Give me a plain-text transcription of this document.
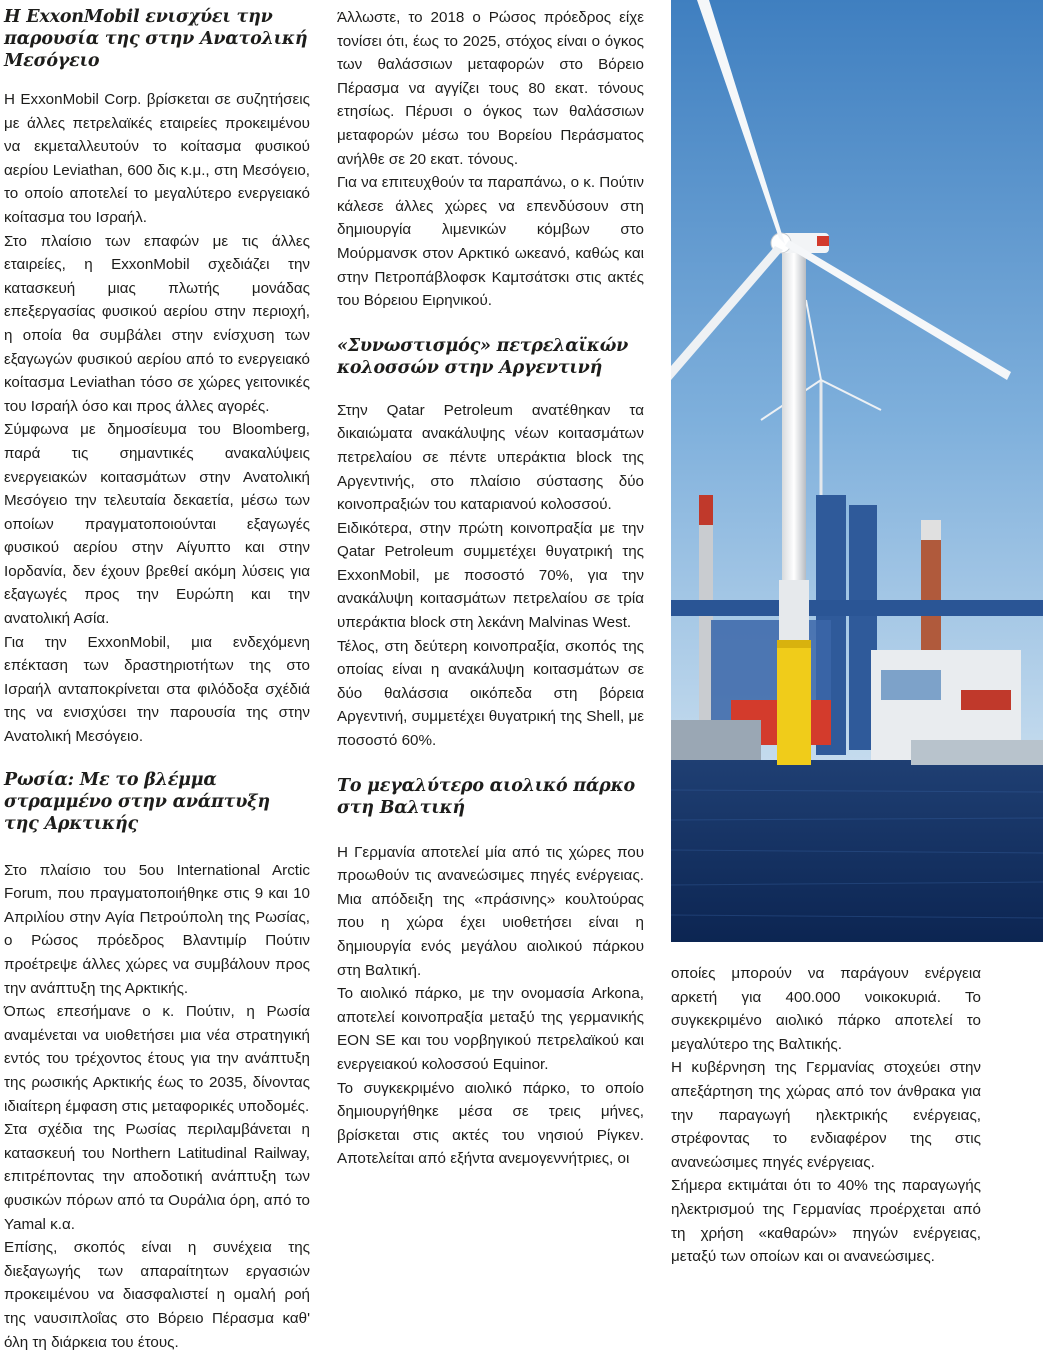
Η ExxonMobil ενισχύει την παρουσία της στην Ανατολική Μεσόγειο

Η ExxonMobil Corp. βρίσκεται σε συζητήσεις με άλλες πετρελαϊκές εταιρείες προκειμένου να εκμεταλλευτούν το κοίτασμα φυσικού αερίου Leviathan, 600 δις κ.μ., στη Μεσόγειο, το οποίο αποτελεί το μεγαλύτερο ενεργειακό κοίτασμα του Ισραήλ.

Στο πλαίσιο των επαφών με τις άλλες εταιρείες, η ExxonMobil σχεδιάζει την κατασκευή μιας πλωτής μονάδας επεξεργασίας φυσικού αερίου στην περιοχή, η οποία θα συμβάλει στην ενίσχυση των εξαγωγών φυσικού αερίου από το ενεργειακό κοίτασμα Leviathan τόσο σε χώρες γειτονικές του Ισραήλ όσο και προς άλλες αγορές.

Σύμφωνα με δημοσίευμα του Bloomberg, παρά τις σημαντικές ανακαλύψεις ενεργειακών κοιτασμάτων στην Ανατολική Μεσόγειο την τελευταία δεκαετία, μέσω των οποίων πραγματοποιούνται εξαγωγές φυσικού αερίου στην Αίγυπτο και στην Ιορδανία, δεν έχουν βρεθεί ακόμη λύσεις για εξαγωγές προς την Ευρώπη και την ανατολική Ασία.

Για την ExxonMobil, μια ενδεχόμενη επέκταση των δραστηριοτήτων της στο Ισραήλ ανταποκρίνεται στα φιλόδοξα σχέδιά της να ενισχύσει την παρουσία της στην Ανατολική Μεσόγειο.

Ρωσία: Με το βλέμμα στραμμένο στην ανάπτυξη της Αρκτικής

Στο πλαίσιο του 5ου International Arctic Forum, που πραγματοποιήθηκε στις 9 και 10 Απριλίου στην Αγία Πετρούπολη της Ρωσίας, ο Ρώσος πρόεδρος Βλαντιμίρ Πούτιν προέτρεψε άλλες χώρες να συμβάλουν προς την ανάπτυξη της Αρκτικής.

Όπως επεσήμανε ο κ. Πούτιν, η Ρωσία αναμένεται να υιοθετήσει μια νέα στρατηγική εντός του τρέχοντος έτους για την ανάπτυξη της ρωσικής Αρκτικής έως το 2035, δίνοντας ιδιαίτερη έμφαση στις μεταφορικές υποδομές.

Στα σχέδια της Ρωσίας περιλαμβάνεται η κατασκευή του Northern Latitudinal Railway, επιτρέποντας την αποδοτική ανάπτυξη των φυσικών πόρων από τα Ουράλια όρη, από το Yamal κ.α.

Επίσης, σκοπός είναι η συνέχεια της διεξαγωγής των απαραίτητων εργασιών προκειμένου να διασφαλιστεί η ομαλή ροή της ναυσιπλοΐας στο Βόρειο Πέρασμα καθ' όλη τη διάρκεια του έτους.

Άλλωστε, το 2018 ο Ρώσος πρόεδρος είχε τονίσει ότι, έως το 2025, στόχος είναι ο όγκος των θαλάσσιων μεταφορών στο Βόρειο Πέρασμα να αγγίζει τους 80 εκατ. τόνους ετησίως. Πέρυσι ο όγκος των θαλάσσιων μεταφορών μέσω του Βορείου Περάσματος ανήλθε σε 20 εκατ. τόνους.

Για να επιτευχθούν τα παραπάνω, ο κ. Πούτιν κάλεσε άλλες χώρες να επενδύσουν στη δημιουργία λιμενικών κόμβων στο Μούρμανσκ στον Αρκτικό ωκεανό, καθώς και στην Πετροπάβλοφσκ Καμτσάτσκι στις ακτές του Βόρειου Ειρηνικού.

«Συνωστισμός» πετρελαϊκών κολοσσών στην Αργεντινή

Στην Qatar Petroleum ανατέθηκαν τα δικαιώματα ανακάλυψης νέων κοιτασμάτων πετρελαίου σε πέντε υπεράκτια block της Αργεντινής, στο πλαίσιο σύστασης δύο κοινοπραξιών του καταριανού κολοσσού.

Ειδικότερα, στην πρώτη κοινοπραξία με την Qatar Petroleum συμμετέχει θυγατρική της ExxonMobil, με ποσοστό 70%, για την ανακάλυψη κοιτασμάτων πετρελαίου σε τρία υπεράκτια block στη λεκάνη Malvinas West.

Τέλος, στη δεύτερη κοινοπραξία, σκοπός της οποίας είναι η ανακάλυψη κοιτασμάτων σε δύο θαλάσσια οικόπεδα στη βόρεια Αργεντινή, συμμετέχει θυγατρική της Shell, με ποσοστό 60%.

Το μεγαλύτερο αιολικό πάρκο στη Βαλτική

Η Γερμανία αποτελεί μία από τις χώρες που προωθούν τις ανανεώσιμες πηγές ενέργειας. Μια απόδειξη της «πράσινης» κουλτούρας που η χώρα έχει υιοθετήσει είναι η δημιουργία ενός μεγάλου αιολικού πάρκου στη Βαλτική.

Το αιολικό πάρκο, με την ονομασία Arkona, αποτελεί κοινοπραξία μεταξύ της γερμανικής EON SE και του νορβηγικού πετρελαϊκού και ενεργειακού κολοσσού Equinor.

Το συγκεκριμένο αιολικό πάρκο, το οποίο δημιουργήθηκε μέσα σε τρεις μήνες, βρίσκεται στις ακτές του νησιού Ρίγκεν. Αποτελείται από εξήντα ανεμογεννήτριες, οι

οποίες μπορούν να παράγουν ενέργεια αρκετή για 400.000 νοικοκυριά. Το συγκεκριμένο αιολικό πάρκο αποτελεί το μεγαλύτερο της Βαλτικής.

Η κυβέρνηση της Γερμανίας στοχεύει στην απεξάρτηση της χώρας από τον άνθρακα για την παραγωγή ηλεκτρικής ενέργειας, στρέφοντας το ενδιαφέρον της στις ανανεώσιμες πηγές ενέργειας.

Σήμερα εκτιμάται ότι το 40% της παραγωγής ηλεκτρισμού της Γερμανίας προέρχεται από τη χρήση «καθαρών» πηγών ενέργειας, μεταξύ των οποίων και οι ανανεώσιμες.
